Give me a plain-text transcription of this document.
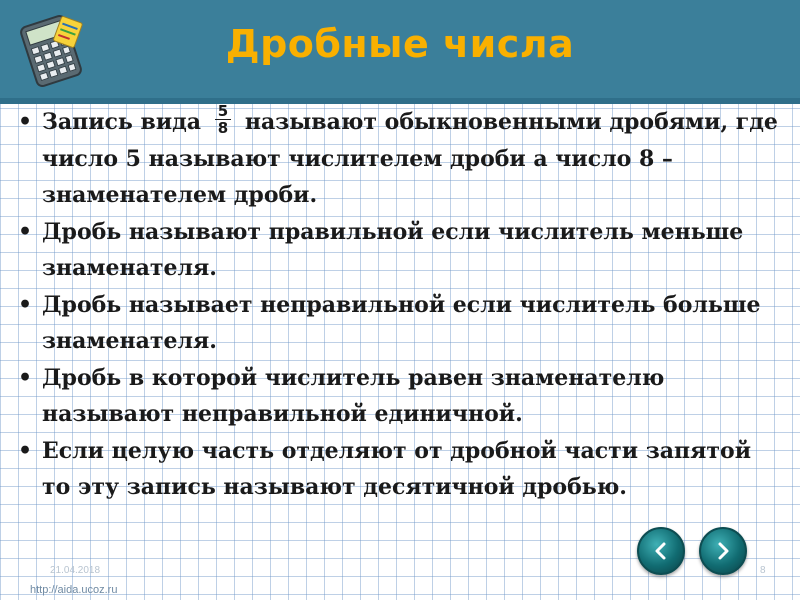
Дробные числа
• Запись вида $\frac{5}{8}$ называют обыкновенными дробями, где число 5 называют числителем дроби а число 8 – знаменателем дроби.
• Дробь называют правильной если числитель меньше знаменателя.
• Дробь называет неправильной если числитель больше знаменателя.
• Дробь в которой числитель равен знаменателю называют неправильной единичной.
• Если целую часть отделяют от дробной части запятой то эту запись называют десятичной дробью.
21.04.2018	8
http://aida.ucoz.ru
